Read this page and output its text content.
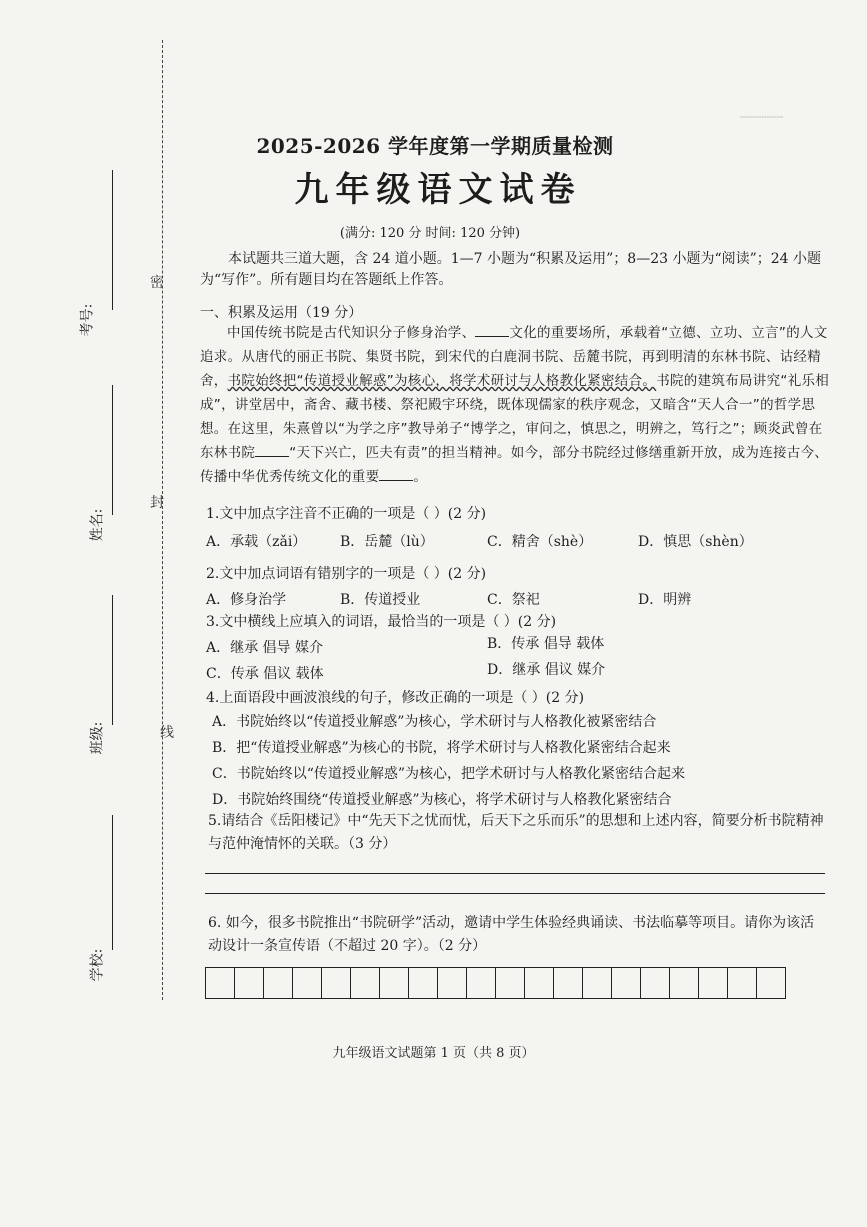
密
封
线
考号:
姓名:
班级:
学校:
┄┄┄┄┄┄
2025-2026 学年度第一学期质量检测
九年级语文试卷
(满分: 120 分 时间: 120 分钟)
本试题共三道大题，含 24 道小题。1—7 小题为“积累及运用”；8—23 小题为“阅读”；24 小题为“写作”。所有题目均在答题纸上作答。
一、积累及运用（19 分）
中国传统书院是古代知识分子修身治学、	文化的重要场所，承载着“立德、立功、立言”的人文追求。从唐代的丽正书院、集贤书院，到宋代的白鹿洞书院、岳麓书院，再到明清的东林书院、诂经精舍，书院始终把“传道授业解惑”为核心，将学术研讨与人格教化紧密结合。书院的建筑布局讲究“礼乐相成”，讲堂居中，斋舍、藏书楼、祭祀殿宇环绕，既体现儒家的秩序观念，又暗含“天人合一”的哲学思想。在这里，朱熹曾以“为学之序”教导弟子“博学之，审问之，慎思之，明辨之，笃行之”；顾炎武曾在东林书院	“天下兴亡，匹夫有责”的担当精神。如今，部分书院经过修缮重新开放，成为连接古今、传播中华优秀传统文化的重要	。
1.文中加点字注音不正确的一项是（ ）(2 分)
A．承载（zǎi） B．岳麓（lù）	C．精舍（shè）	D．慎思（shèn）
2.文中加点词语有错别字的一项是（ ）(2 分)
A．修身治学	B．传道授业	C．祭祀	D．明辨
3.文中横线上应填入的词语，最恰当的一项是（ ）(2 分)
A．继承 倡导 媒介	B．传承 倡导 载体
C．传承 倡议 载体	D．继承 倡议 媒介
4.上面语段中画波浪线的句子，修改正确的一项是（ ）(2 分)
A．书院始终以“传道授业解惑”为核心，学术研讨与人格教化被紧密结合
B．把“传道授业解惑”为核心的书院，将学术研讨与人格教化紧密结合起来
C．书院始终以“传道授业解惑”为核心，把学术研讨与人格教化紧密结合起来
D．书院始终围绕“传道授业解惑”为核心，将学术研讨与人格教化紧密结合
5.请结合《岳阳楼记》中“先天下之忧而忧，后天下之乐而乐”的思想和上述内容，简要分析书院精神与范仲淹情怀的关联。（3 分）
6. 如今，很多书院推出“书院研学”活动，邀请中学生体验经典诵读、书法临摹等项目。请你为该活动设计一条宣传语（不超过 20 字）。（2 分）
九年级语文试题第 1 页（共 8 页）
